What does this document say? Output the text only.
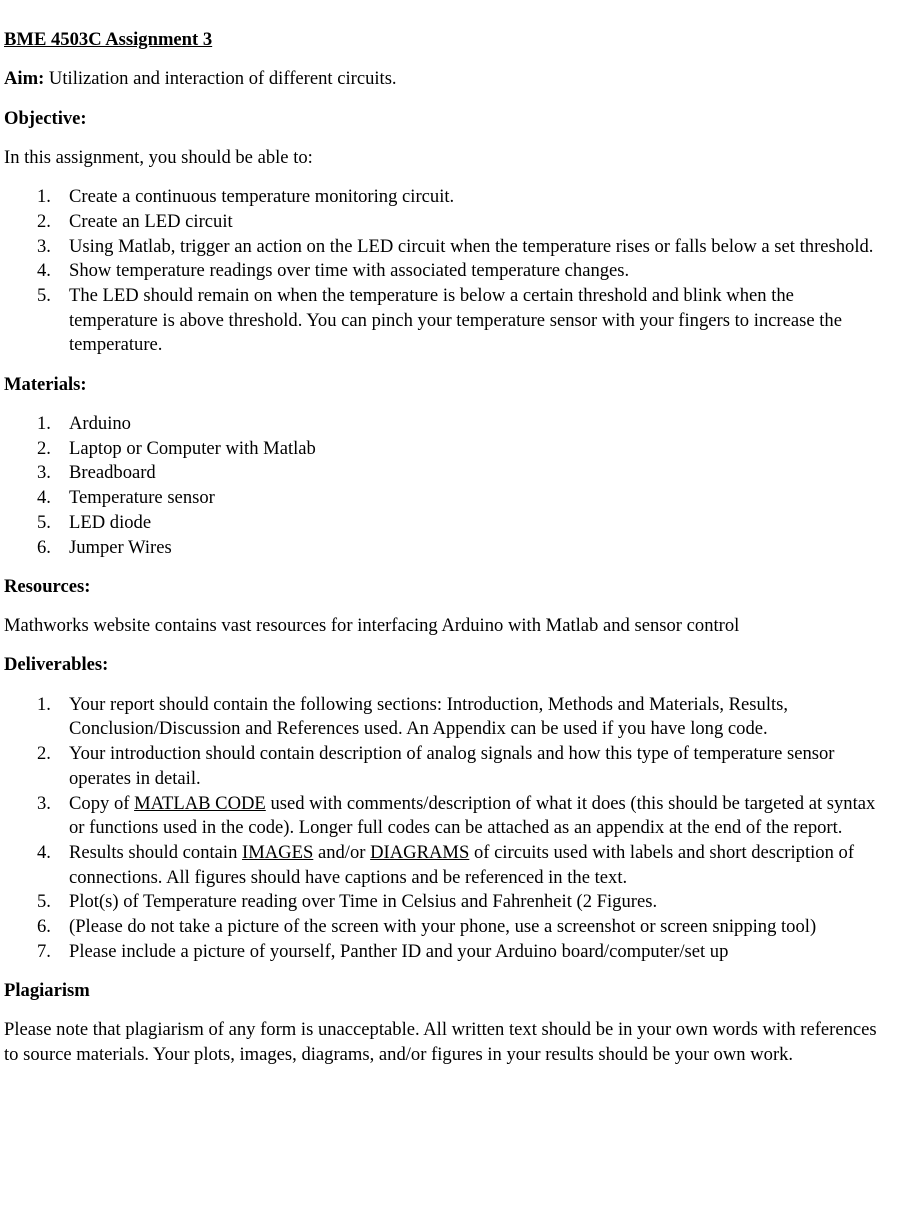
BME 4503C Assignment 3

Aim: Utilization and interaction of different circuits.

Objective:

In this assignment, you should be able to:

1. Create a continuous temperature monitoring circuit.
2. Create an LED circuit
3. Using Matlab, trigger an action on the LED circuit when the temperature rises or falls below a set threshold.
4. Show temperature readings over time with associated temperature changes.
5. The LED should remain on when the temperature is below a certain threshold and blink when the temperature is above threshold. You can pinch your temperature sensor with your fingers to increase the temperature.

Materials:

1. Arduino
2. Laptop or Computer with Matlab
3. Breadboard
4. Temperature sensor
5. LED diode
6. Jumper Wires

Resources:

Mathworks website contains vast resources for interfacing Arduino with Matlab and sensor control

Deliverables:

1. Your report should contain the following sections: Introduction, Methods and Materials, Results, Conclusion/Discussion and References used. An Appendix can be used if you have long code.
2. Your introduction should contain description of analog signals and how this type of temperature sensor operates in detail.
3. Copy of MATLAB CODE used with comments/description of what it does (this should be targeted at syntax or functions used in the code). Longer full codes can be attached as an appendix at the end of the report.
4. Results should contain IMAGES and/or DIAGRAMS of circuits used with labels and short description of connections. All figures should have captions and be referenced in the text.
5. Plot(s) of Temperature reading over Time in Celsius and Fahrenheit (2 Figures.
6. (Please do not take a picture of the screen with your phone, use a screenshot or screen snipping tool)
7. Please include a picture of yourself, Panther ID and your Arduino board/computer/set up

Plagiarism

Please note that plagiarism of any form is unacceptable. All written text should be in your own words with references to source materials. Your plots, images, diagrams, and/or figures in your results should be your own work.
